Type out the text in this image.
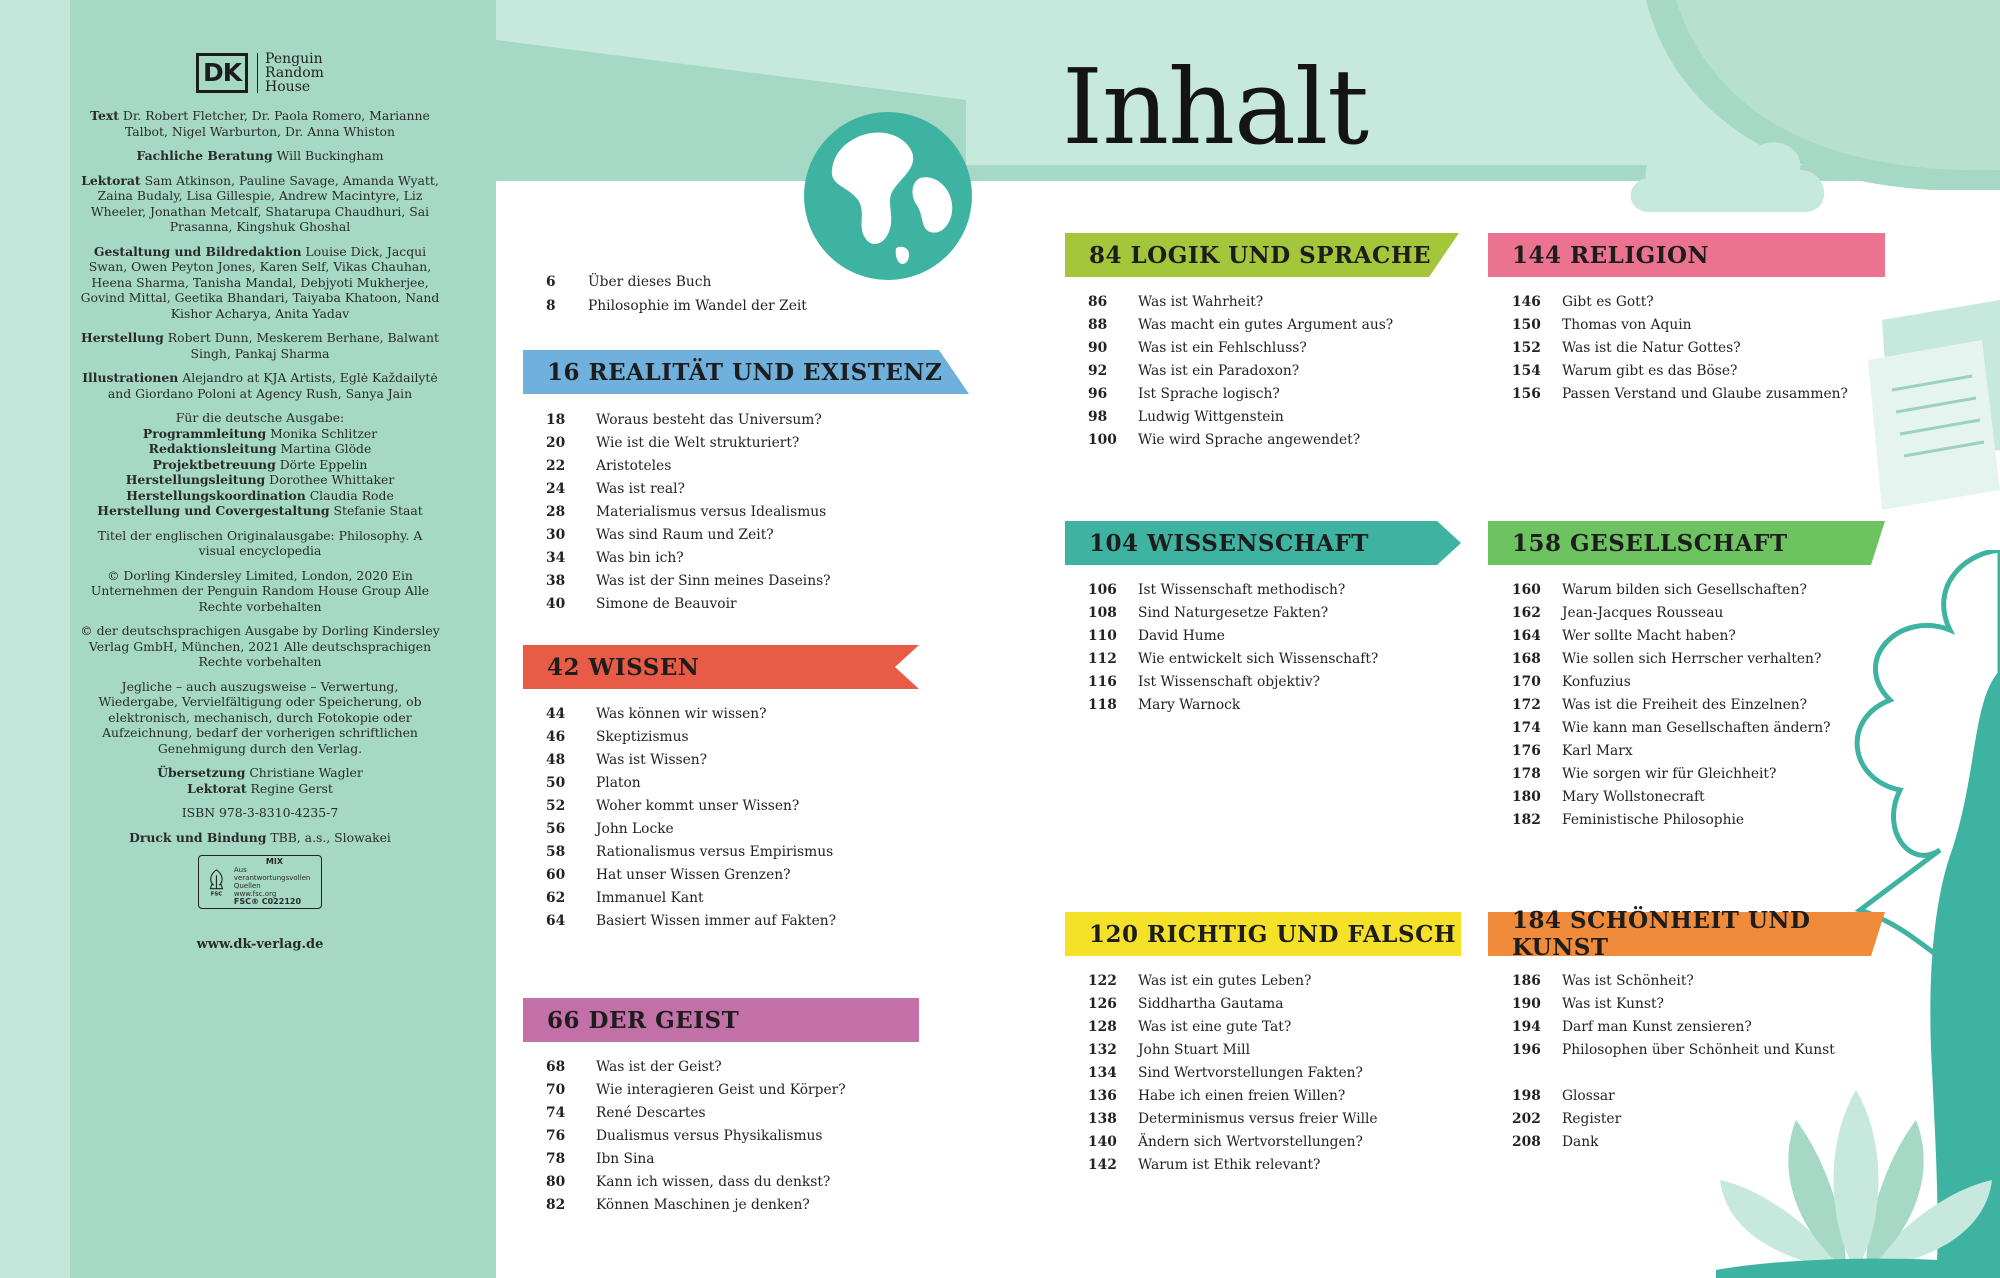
DK	Penguin
Random
House
Text Dr. Robert Fletcher, Dr. Paola Romero, Marianne Talbot, Nigel Warburton, Dr. Anna Whiston
Fachliche Beratung Will Buckingham
Lektorat Sam Atkinson, Pauline Savage, Amanda Wyatt, Zaina Budaly, Lisa Gillespie, Andrew Macintyre, Liz Wheeler, Jonathan Metcalf, Shatarupa Chaudhuri, Sai Prasanna, Kingshuk Ghoshal
Gestaltung und Bildredaktion Louise Dick, Jacqui Swan, Owen Peyton Jones, Karen Self, Vikas Chauhan, Heena Sharma, Tanisha Mandal, Debjyoti Mukherjee, Govind Mittal, Geetika Bhandari, Taiyaba Khatoon, Nand Kishor Acharya, Anita Yadav
Herstellung Robert Dunn, Meskerem Berhane, Balwant Singh, Pankaj Sharma
Illustrationen Alejandro at KJA Artists, Eglė Každailytė and Giordano Poloni at Agency Rush, Sanya Jain
Für die deutsche Ausgabe:
Programmleitung Monika Schlitzer
Redaktionsleitung Martina Glöde
Projektbetreuung Dörte Eppelin
Herstellungsleitung Dorothee Whittaker
Herstellungskoordination Claudia Rode
Herstellung und Covergestaltung Stefanie Staat
Titel der englischen Originalausgabe: Philosophy. A visual encyclopedia
© Dorling Kindersley Limited, London, 2020 Ein Unternehmen der Penguin Random House Group Alle Rechte vorbehalten
© der deutschsprachigen Ausgabe by Dorling Kindersley Verlag GmbH, München, 2021 Alle deutschsprachigen Rechte vorbehalten
Jegliche – auch auszugsweise – Verwertung, Wiedergabe, Vervielfältigung oder Speicherung, ob elektronisch, mechanisch, durch Fotokopie oder Aufzeichnung, bedarf der vorherigen schriftlichen Genehmigung durch den Verlag.
Übersetzung Christiane Wagler
Lektorat Regine Gerst
ISBN 978-3-8310-4235-7
Druck und Bindung TBB, a.s., Slowakei
FSC
MIX
Aus verantwortungsvollen Quellen
www.fsc.org
FSC® C022120
www.dk-verlag.de
Inhalt
6	Über dieses Buch
8	Philosophie im Wandel der Zeit
16 REALITÄT UND EXISTENZ
42 WISSEN
66 DER GEIST
84 LOGIK UND SPRACHE
104 WISSENSCHAFT
120 RICHTIG UND FALSCH
144 RELIGION
158 GESELLSCHAFT
184 SCHÖNHEIT UND KUNST
18	Woraus besteht das Universum?
20	Wie ist die Welt strukturiert?
22	Aristoteles
24	Was ist real?
28	Materialismus versus Idealismus
30	Was sind Raum und Zeit?
34	Was bin ich?
38	Was ist der Sinn meines Daseins?
40	Simone de Beauvoir
44	Was können wir wissen?
46	Skeptizismus
48	Was ist Wissen?
50	Platon
52	Woher kommt unser Wissen?
56	John Locke
58	Rationalismus versus Empirismus
60	Hat unser Wissen Grenzen?
62	Immanuel Kant
64	Basiert Wissen immer auf Fakten?
68	Was ist der Geist?
70	Wie interagieren Geist und Körper?
74	René Descartes
76	Dualismus versus Physikalismus
78	Ibn Sina
80	Kann ich wissen, dass du denkst?
82	Können Maschinen je denken?
86	Was ist Wahrheit?
88	Was macht ein gutes Argument aus?
90	Was ist ein Fehlschluss?
92	Was ist ein Paradoxon?
96	Ist Sprache logisch?
98	Ludwig Wittgenstein
100	Wie wird Sprache angewendet?
106	Ist Wissenschaft methodisch?
108	Sind Naturgesetze Fakten?
110	David Hume
112	Wie entwickelt sich Wissenschaft?
116	Ist Wissenschaft objektiv?
118	Mary Warnock
122	Was ist ein gutes Leben?
126	Siddhartha Gautama
128	Was ist eine gute Tat?
132	John Stuart Mill
134	Sind Wertvorstellungen Fakten?
136	Habe ich einen freien Willen?
138	Determinismus versus freier Wille
140	Ändern sich Wertvorstellungen?
142	Warum ist Ethik relevant?
146	Gibt es Gott?
150	Thomas von Aquin
152	Was ist die Natur Gottes?
154	Warum gibt es das Böse?
156	Passen Verstand und Glaube zusammen?
160	Warum bilden sich Gesellschaften?
162	Jean-Jacques Rousseau
164	Wer sollte Macht haben?
168	Wie sollen sich Herrscher verhalten?
170	Konfuzius
172	Was ist die Freiheit des Einzelnen?
174	Wie kann man Gesellschaften ändern?
176	Karl Marx
178	Wie sorgen wir für Gleichheit?
180	Mary Wollstonecraft
182	Feministische Philosophie
186	Was ist Schönheit?
190	Was ist Kunst?
194	Darf man Kunst zensieren?
196	Philosophen über Schönheit und Kunst
198	Glossar
202	Register
208	Dank
